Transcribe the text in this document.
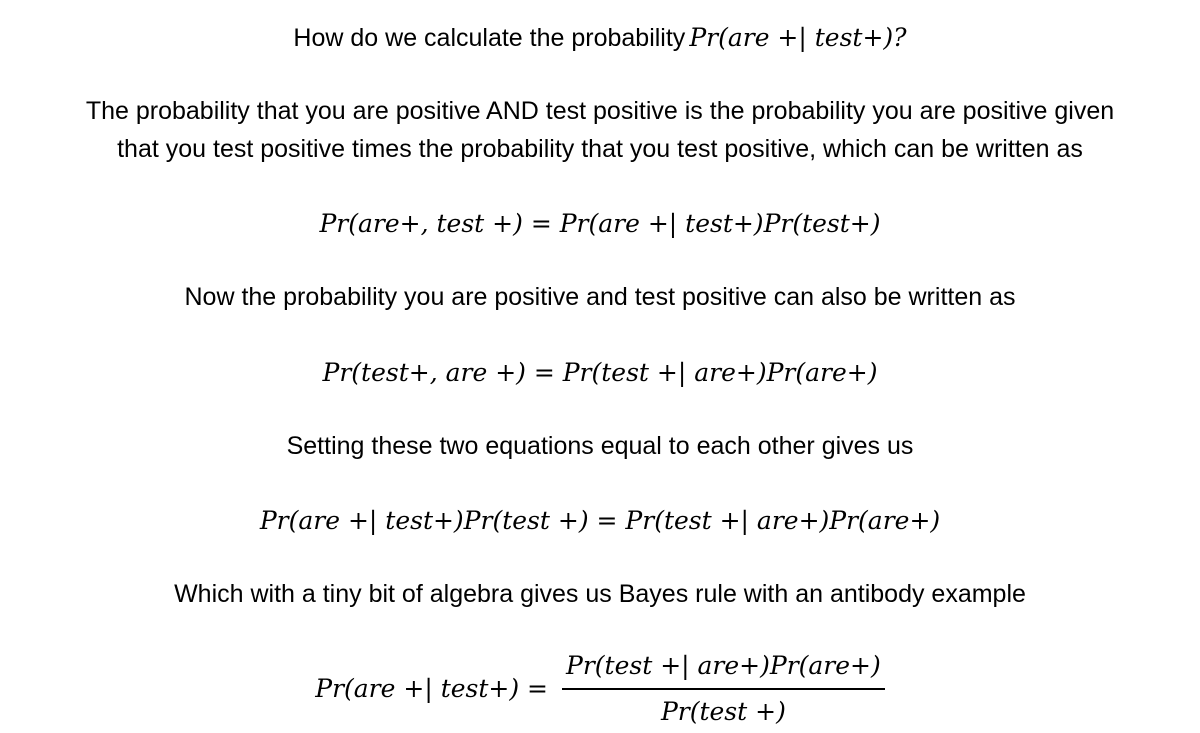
How do we calculate the probability Pr(are +| test+)?
The probability that you are positive AND test positive is the probability you are positive given
that you test positive times the probability that you test positive, which can be written as
Pr(are+, test +) = Pr(are +| test+)Pr(test+)
Now the probability you are positive and test positive can also be written as
Pr(test+, are +) = Pr(test +| are+)Pr(are+)
Setting these two equations equal to each other gives us
Pr(are +| test+)Pr(test +) = Pr(test +| are+)Pr(are+)
Which with a tiny bit of algebra gives us Bayes rule with an antibody example
Pr(are +| test+) = $\frac{\text{Pr(test +| are+)Pr(are+)}}{\text{Pr(test +)}}$
